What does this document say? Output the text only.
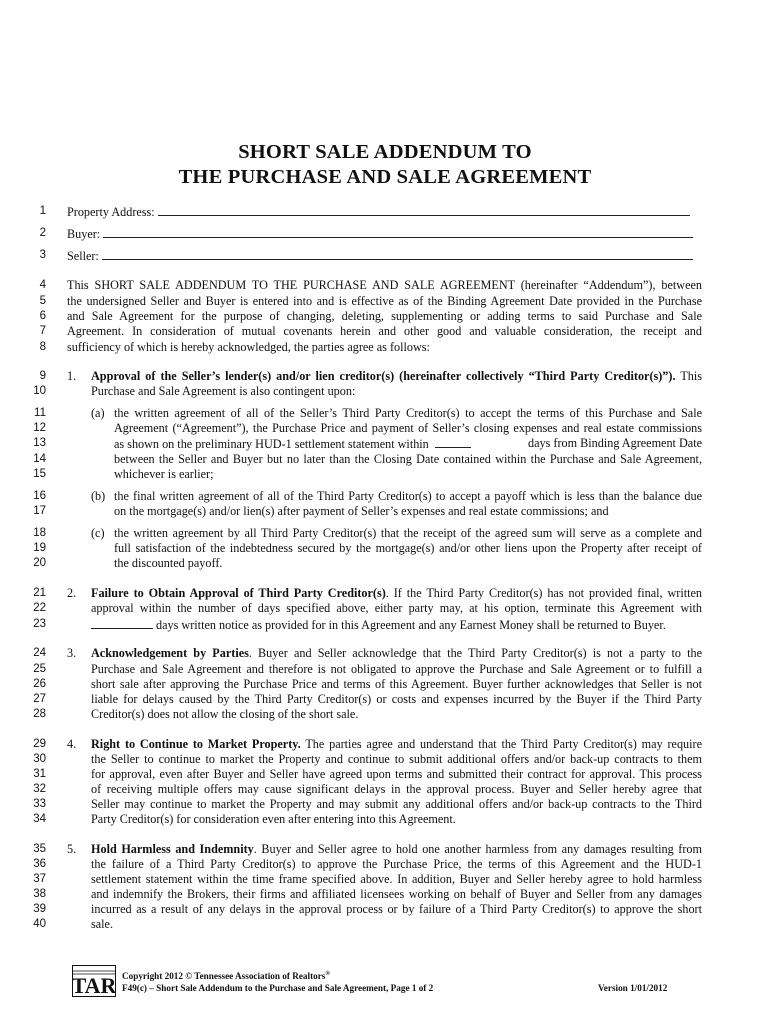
SHORT SALE ADDENDUM TO
THE PURCHASE AND SALE AGREEMENT
1
2
3
4
5
6
7
8
9
10
11
12
13
14
15
16
17
18
19
20
21
22
23
24
25
26
27
28
29
30
31
32
33
34
35
36
37
38
39
40
Property Address:
Buyer:
Seller:
This SHORT SALE ADDENDUM TO THE PURCHASE AND SALE AGREEMENT (hereinafter “Addendum”), between
the undersigned Seller and Buyer is entered into and is effective as of the Binding Agreement Date provided in the Purchase
and Sale Agreement for the purpose of changing, deleting, supplementing or adding terms to said Purchase and Sale
Agreement. In consideration of mutual covenants herein and other good and valuable consideration, the receipt and
sufficiency of which is hereby acknowledged, the parties agree as follows:
1. Approval of the Seller’s lender(s) and/or lien creditor(s) (hereinafter collectively “Third Party Creditor(s)”). This
Purchase and Sale Agreement is also contingent upon:
(a) the written agreement of all of the Seller’s Third Party Creditor(s) to accept the terms of this Purchase and Sale
Agreement (“Agreement”), the Purchase Price and payment of Seller’s closing expenses and real estate commissions
as shown on the preliminary HUD-1 settlement statement within	days from Binding Agreement Date
between the Seller and Buyer but no later than the Closing Date contained within the Purchase and Sale Agreement,
whichever is earlier;
(b) the final written agreement of all of the Third Party Creditor(s) to accept a payoff which is less than the balance due
on the mortgage(s) and/or lien(s) after payment of Seller’s expenses and real estate commissions; and
(c) the written agreement by all Third Party Creditor(s) that the receipt of the agreed sum will serve as a complete and
full satisfaction of the indebtedness secured by the mortgage(s) and/or other liens upon the Property after receipt of
the discounted payoff.
2. Failure to Obtain Approval of Third Party Creditor(s). If the Third Party Creditor(s) has not provided final, written
approval within the number of days specified above, either party may, at his option, terminate this Agreement with
days written notice as provided for in this Agreement and any Earnest Money shall be returned to Buyer.
3. Acknowledgement by Parties. Buyer and Seller acknowledge that the Third Party Creditor(s) is not a party to the
Purchase and Sale Agreement and therefore is not obligated to approve the Purchase and Sale Agreement or to fulfill a
short sale after approving the Purchase Price and terms of this Agreement. Buyer further acknowledges that Seller is not
liable for delays caused by the Third Party Creditor(s) or costs and expenses incurred by the Buyer if the Third Party
Creditor(s) does not allow the closing of the short sale.
4. Right to Continue to Market Property. The parties agree and understand that the Third Party Creditor(s) may require
the Seller to continue to market the Property and continue to submit additional offers and/or back-up contracts to them
for approval, even after Buyer and Seller have agreed upon terms and submitted their contract for approval. This process
of receiving multiple offers may cause significant delays in the approval process. Buyer and Seller hereby agree that
Seller may continue to market the Property and may submit any additional offers and/or back-up contracts to the Third
Party Creditor(s) for consideration even after entering into this Agreement.
5. Hold Harmless and Indemnity. Buyer and Seller agree to hold one another harmless from any damages resulting from
the failure of a Third Party Creditor(s) to approve the Purchase Price, the terms of this Agreement and the HUD-1
settlement statement within the time frame specified above. In addition, Buyer and Seller hereby agree to hold harmless
and indemnify the Brokers, their firms and affiliated licensees working on behalf of Buyer and Seller from any damages
incurred as a result of any delays in the approval process or by failure of a Third Party Creditor(s) to approve the short
sale.
TAR Copyright 2012 © Tennessee Association of Realtors®
F49(c) – Short Sale Addendum to the Purchase and Sale Agreement, Page 1 of 2	Version 1/01/2012
